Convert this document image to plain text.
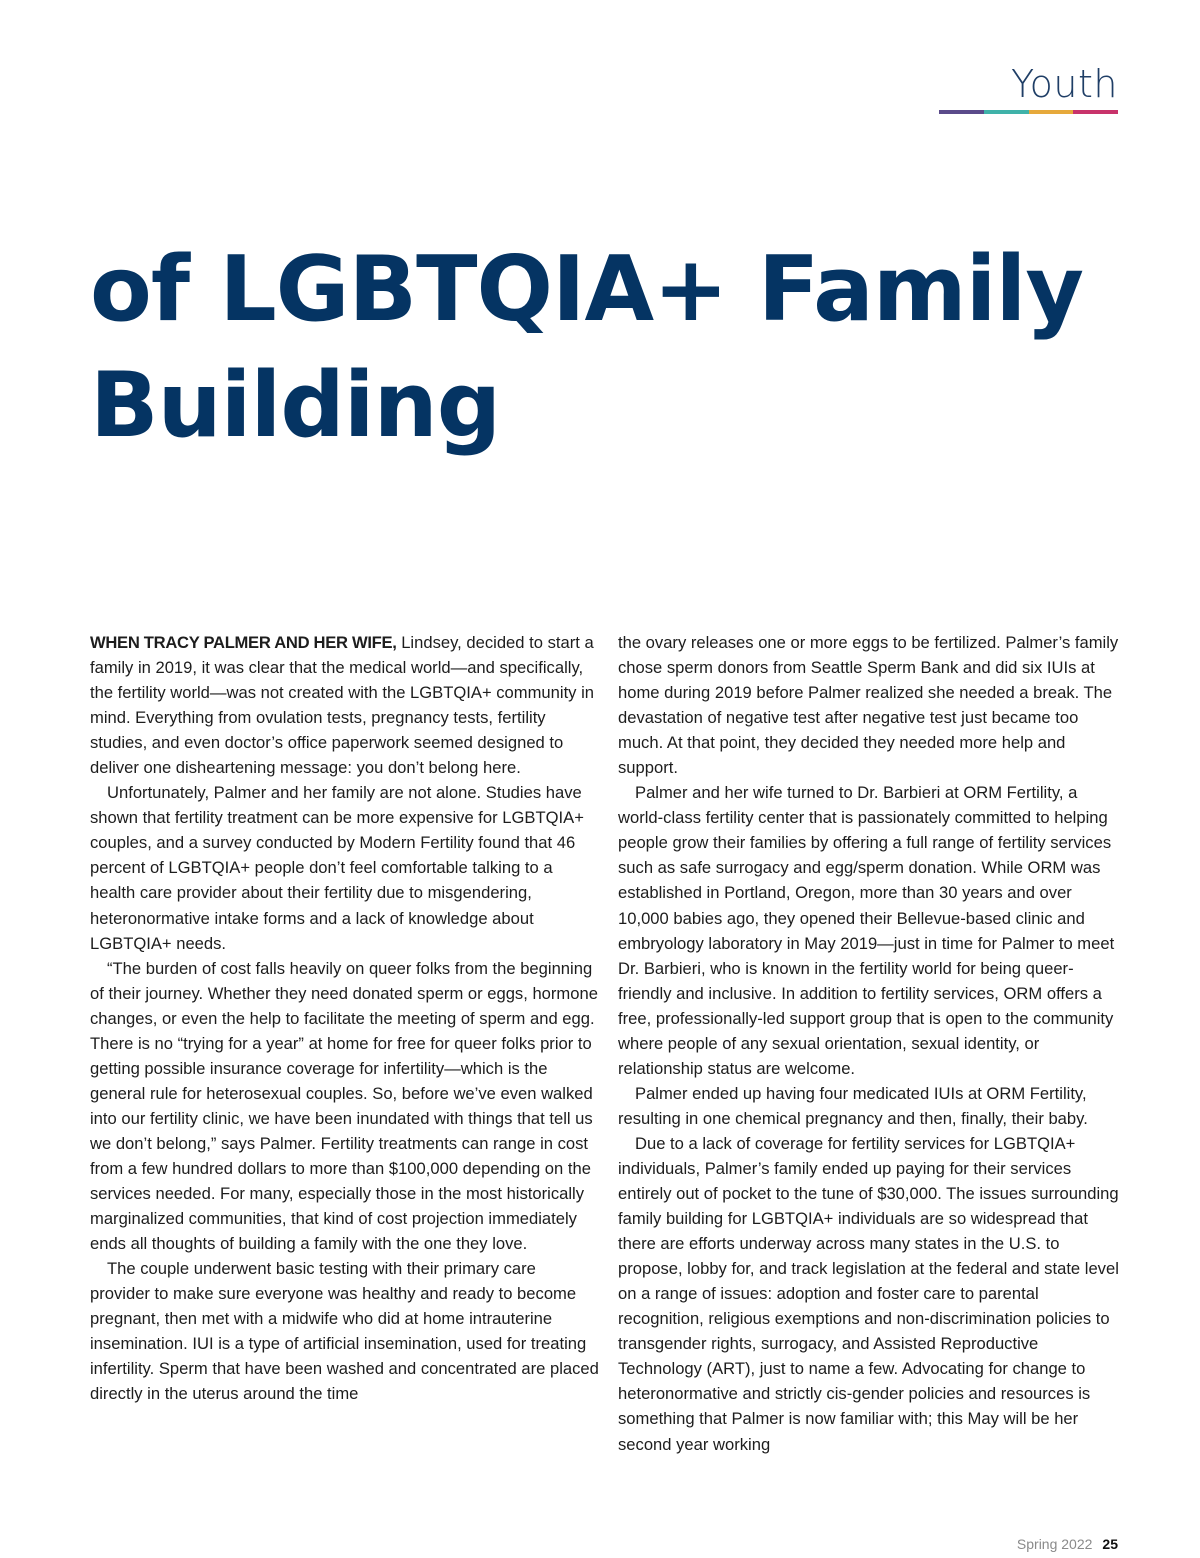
Youth
of LGBTQIA+ Family
Building

WHEN TRACY PALMER AND HER WIFE, Lindsey, decided to start a family in 2019, it was clear that the medical world—and specifically, the fertility world—was not created with the LGBTQIA+ community in mind. Everything from ovulation tests, pregnancy tests, fertility studies, and even doctor’s office paperwork seemed designed to deliver one disheartening message: you don’t belong here.

Unfortunately, Palmer and her family are not alone. Studies have shown that fertility treatment can be more expensive for LGBTQIA+ couples, and a survey conducted by Modern Fertility found that 46 percent of LGBTQIA+ people don’t feel comfortable talking to a health care provider about their fertility due to misgendering, heteronormative intake forms and a lack of knowledge about LGBTQIA+ needs.

“The burden of cost falls heavily on queer folks from the beginning of their journey. Whether they need donated sperm or eggs, hormone changes, or even the help to facilitate the meeting of sperm and egg. There is no “trying for a year” at home for free for queer folks prior to getting possible insurance coverage for infertility—which is the general rule for heterosexual couples. So, before we’ve even walked into our fertility clinic, we have been inundated with things that tell us we don’t belong,” says Palmer. Fertility treatments can range in cost from a few hundred dollars to more than $100,000 depending on the services needed. For many, especially those in the most historically marginalized communities, that kind of cost projection immediately ends all thoughts of building a family with the one they love.

The couple underwent basic testing with their primary care provider to make sure everyone was healthy and ready to become pregnant, then met with a midwife who did at home intrauterine insemination. IUI is a type of artificial insemination, used for treating infertility. Sperm that have been washed and concentrated are placed directly in the uterus around the time

the ovary releases one or more eggs to be fertilized. Palmer’s family chose sperm donors from Seattle Sperm Bank and did six IUIs at home during 2019 before Palmer realized she needed a break. The devastation of negative test after negative test just became too much. At that point, they decided they needed more help and support.

Palmer and her wife turned to Dr. Barbieri at ORM Fertility, a world-class fertility center that is passionately committed to helping people grow their families by offering a full range of fertility services such as safe surrogacy and egg/sperm donation. While ORM was established in Portland, Oregon, more than 30 years and over 10,000 babies ago, they opened their Bellevue-based clinic and embryology laboratory in May 2019—just in time for Palmer to meet Dr. Barbieri, who is known in the fertility world for being queer-friendly and inclusive. In addition to fertility services, ORM offers a free, professionally-led support group that is open to the community where people of any sexual orientation, sexual identity, or relationship status are welcome.

Palmer ended up having four medicated IUIs at ORM Fertility, resulting in one chemical pregnancy and then, finally, their baby.

Due to a lack of coverage for fertility services for LGBTQIA+ individuals, Palmer’s family ended up paying for their services entirely out of pocket to the tune of $30,000. The issues surrounding family building for LGBTQIA+ individuals are so widespread that there are efforts underway across many states in the U.S. to propose, lobby for, and track legislation at the federal and state level on a range of issues: adoption and foster care to parental recognition, religious exemptions and non-discrimination policies to transgender rights, surrogacy, and Assisted Reproductive Technology (ART), just to name a few. Advocating for change to heteronormative and strictly cis-gender policies and resources is something that Palmer is now familiar with; this May will be her second year working

Spring 2022 25
